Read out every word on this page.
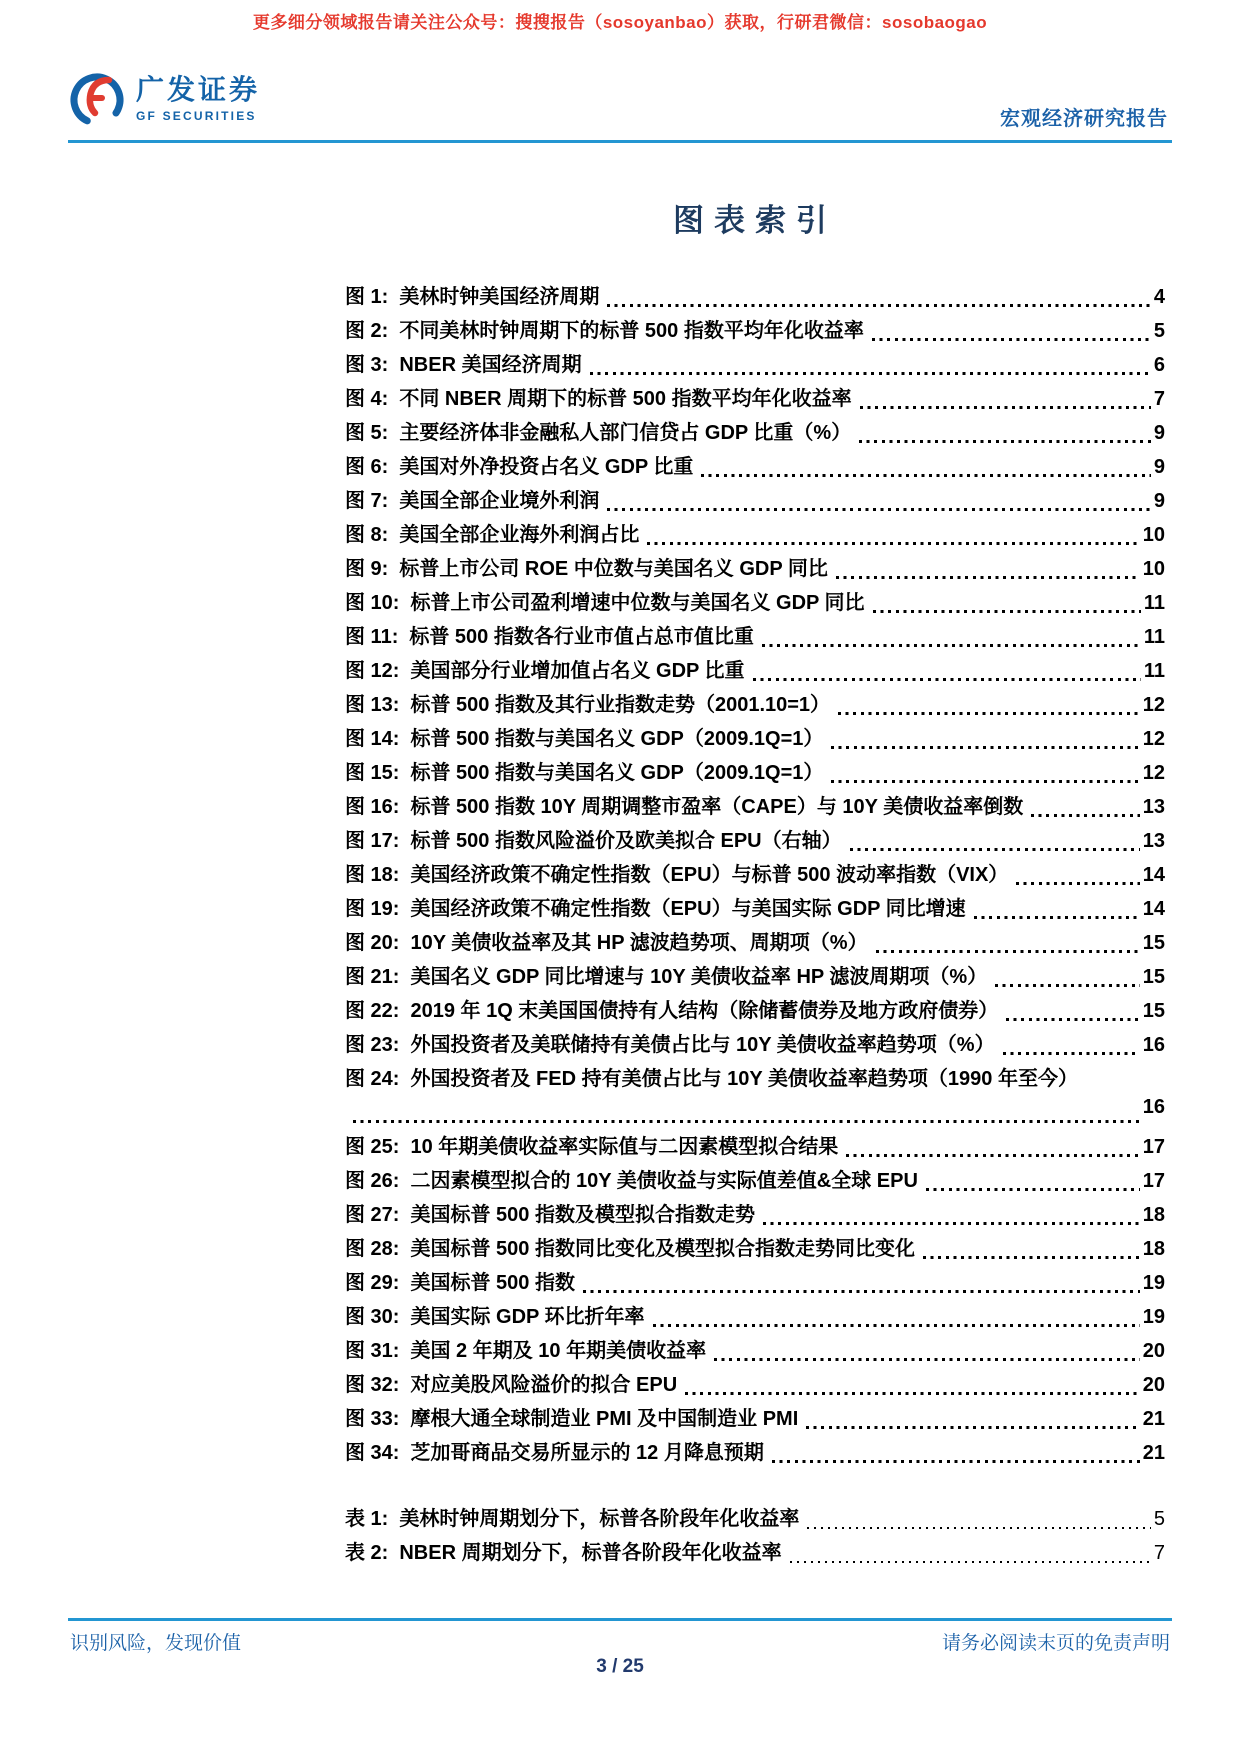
更多细分领域报告请关注公众号：搜搜报告（sosoyanbao）获取，行研君微信：sosobaogao
广发证券
GF SECURITIES	宏观经济研究报告
图表索引
图 1: 美林时钟美国经济周期	4
图 2: 不同美林时钟周期下的标普 500 指数平均年化收益率	5
图 3: NBER 美国经济周期	6
图 4: 不同 NBER 周期下的标普 500 指数平均年化收益率	7
图 5: 主要经济体非金融私人部门信贷占 GDP 比重（%）	9
图 6: 美国对外净投资占名义 GDP 比重	9
图 7: 美国全部企业境外利润	9
图 8: 美国全部企业海外利润占比	10
图 9: 标普上市公司 ROE 中位数与美国名义 GDP 同比	10
图 10: 标普上市公司盈利增速中位数与美国名义 GDP 同比	11
图 11: 标普 500 指数各行业市值占总市值比重	11
图 12: 美国部分行业增加值占名义 GDP 比重	11
图 13: 标普 500 指数及其行业指数走势（2001.10=1）	12
图 14: 标普 500 指数与美国名义 GDP（2009.1Q=1）	12
图 15: 标普 500 指数与美国名义 GDP（2009.1Q=1）	12
图 16: 标普 500 指数 10Y 周期调整市盈率（CAPE）与 10Y 美债收益率倒数	13
图 17: 标普 500 指数风险溢价及欧美拟合 EPU（右轴）	13
图 18: 美国经济政策不确定性指数（EPU）与标普 500 波动率指数（VIX）	14
图 19: 美国经济政策不确定性指数（EPU）与美国实际 GDP 同比增速	14
图 20: 10Y 美债收益率及其 HP 滤波趋势项、周期项（%）	15
图 21: 美国名义 GDP 同比增速与 10Y 美债收益率 HP 滤波周期项（%）	15
图 22: 2019 年 1Q 末美国国债持有人结构（除储蓄债券及地方政府债券）	15
图 23: 外国投资者及美联储持有美债占比与 10Y 美债收益率趋势项（%）	16
图 24: 外国投资者及 FED 持有美债占比与 10Y 美债收益率趋势项（1990 年至今）
16
图 25: 10 年期美债收益率实际值与二因素模型拟合结果	17
图 26: 二因素模型拟合的 10Y 美债收益与实际值差值&全球 EPU	17
图 27: 美国标普 500 指数及模型拟合指数走势	18
图 28: 美国标普 500 指数同比变化及模型拟合指数走势同比变化	18
图 29: 美国标普 500 指数	19
图 30: 美国实际 GDP 环比折年率	19
图 31: 美国 2 年期及 10 年期美债收益率	20
图 32: 对应美股风险溢价的拟合 EPU	20
图 33: 摩根大通全球制造业 PMI 及中国制造业 PMI	21
图 34: 芝加哥商品交易所显示的 12 月降息预期	21
表 1: 美林时钟周期划分下，标普各阶段年化收益率	5
表 2: NBER 周期划分下，标普各阶段年化收益率	7
识别风险，发现价值	请务必阅读末页的免责声明
3 / 25
